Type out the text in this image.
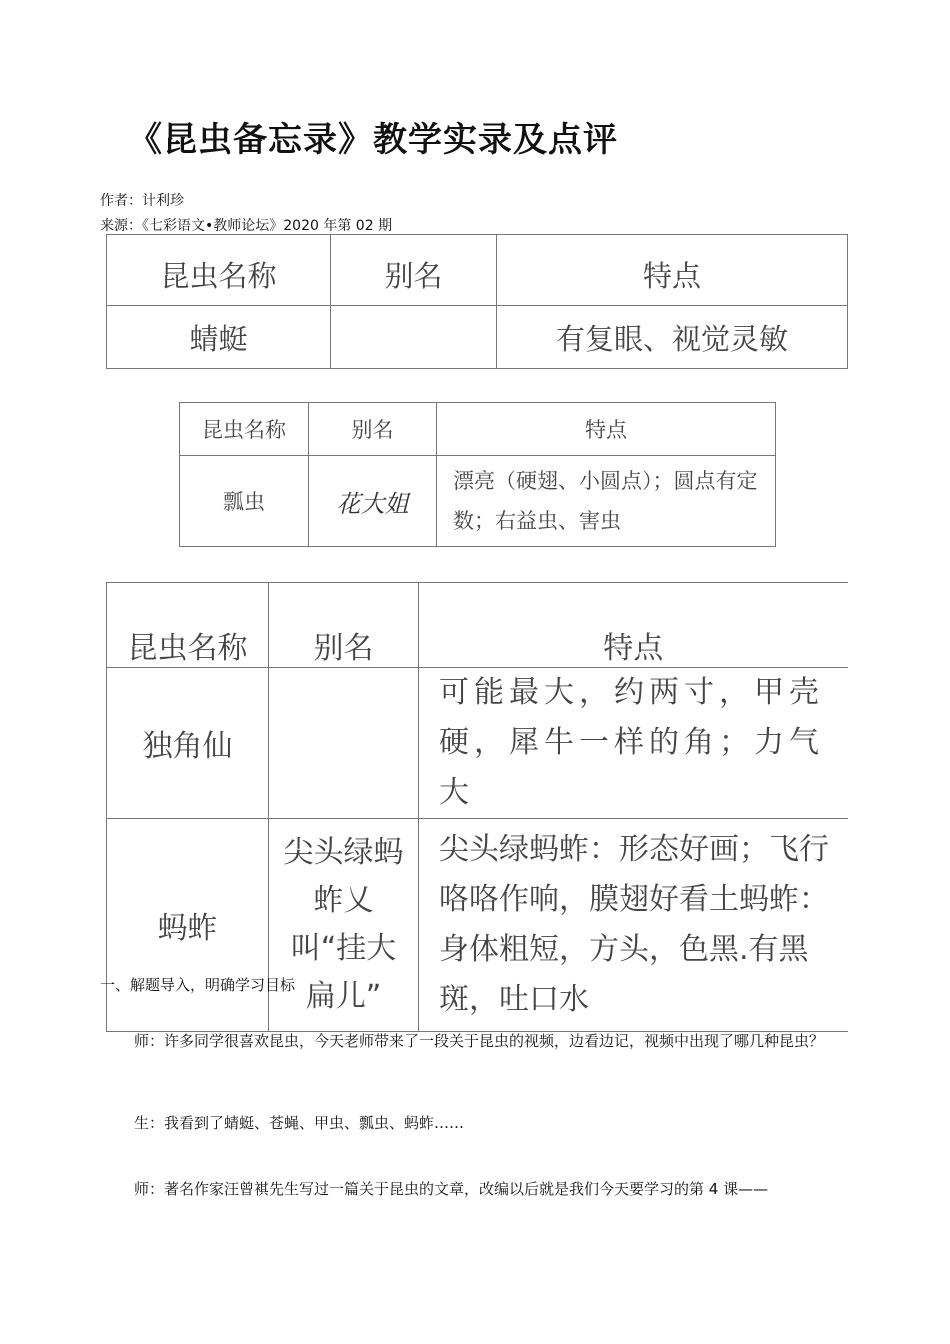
《昆虫备忘录》教学实录及点评
作者：计利珍
来源：《七彩语文•教师论坛》2020 年第 02 期
昆虫名称	别名	特点
蜻蜓		有复眼、视觉灵敏
昆虫名称	别名	特点
瓢虫	花大姐	漂亮（硬翅、小圆点）；圆点有定数；右益虫、害虫
昆虫名称	别名	特点
独角仙		可能最大，约两寸，甲壳硬，犀牛一样的角；力气大
蚂蚱	尖头绿蚂蚱乂叫“挂大扁儿”	尖头绿蚂蚱：形态好画；飞行咯咯作响，膜翅好看土蚂蚱：身体粗短，方头，色黑.有黑斑，吐口水
一、解题导入，明确学习目标
师：许多同学很喜欢昆虫，今天老师带来了一段关于昆虫的视频，边看边记，视频中出现了哪几种昆虫？
生：我看到了蜻蜓、苍蝇、甲虫、瓢虫、蚂蚱……
师：著名作家汪曾褀先生写过一篇关于昆虫的文章，改编以后就是我们今天要学习的第 4 课——
